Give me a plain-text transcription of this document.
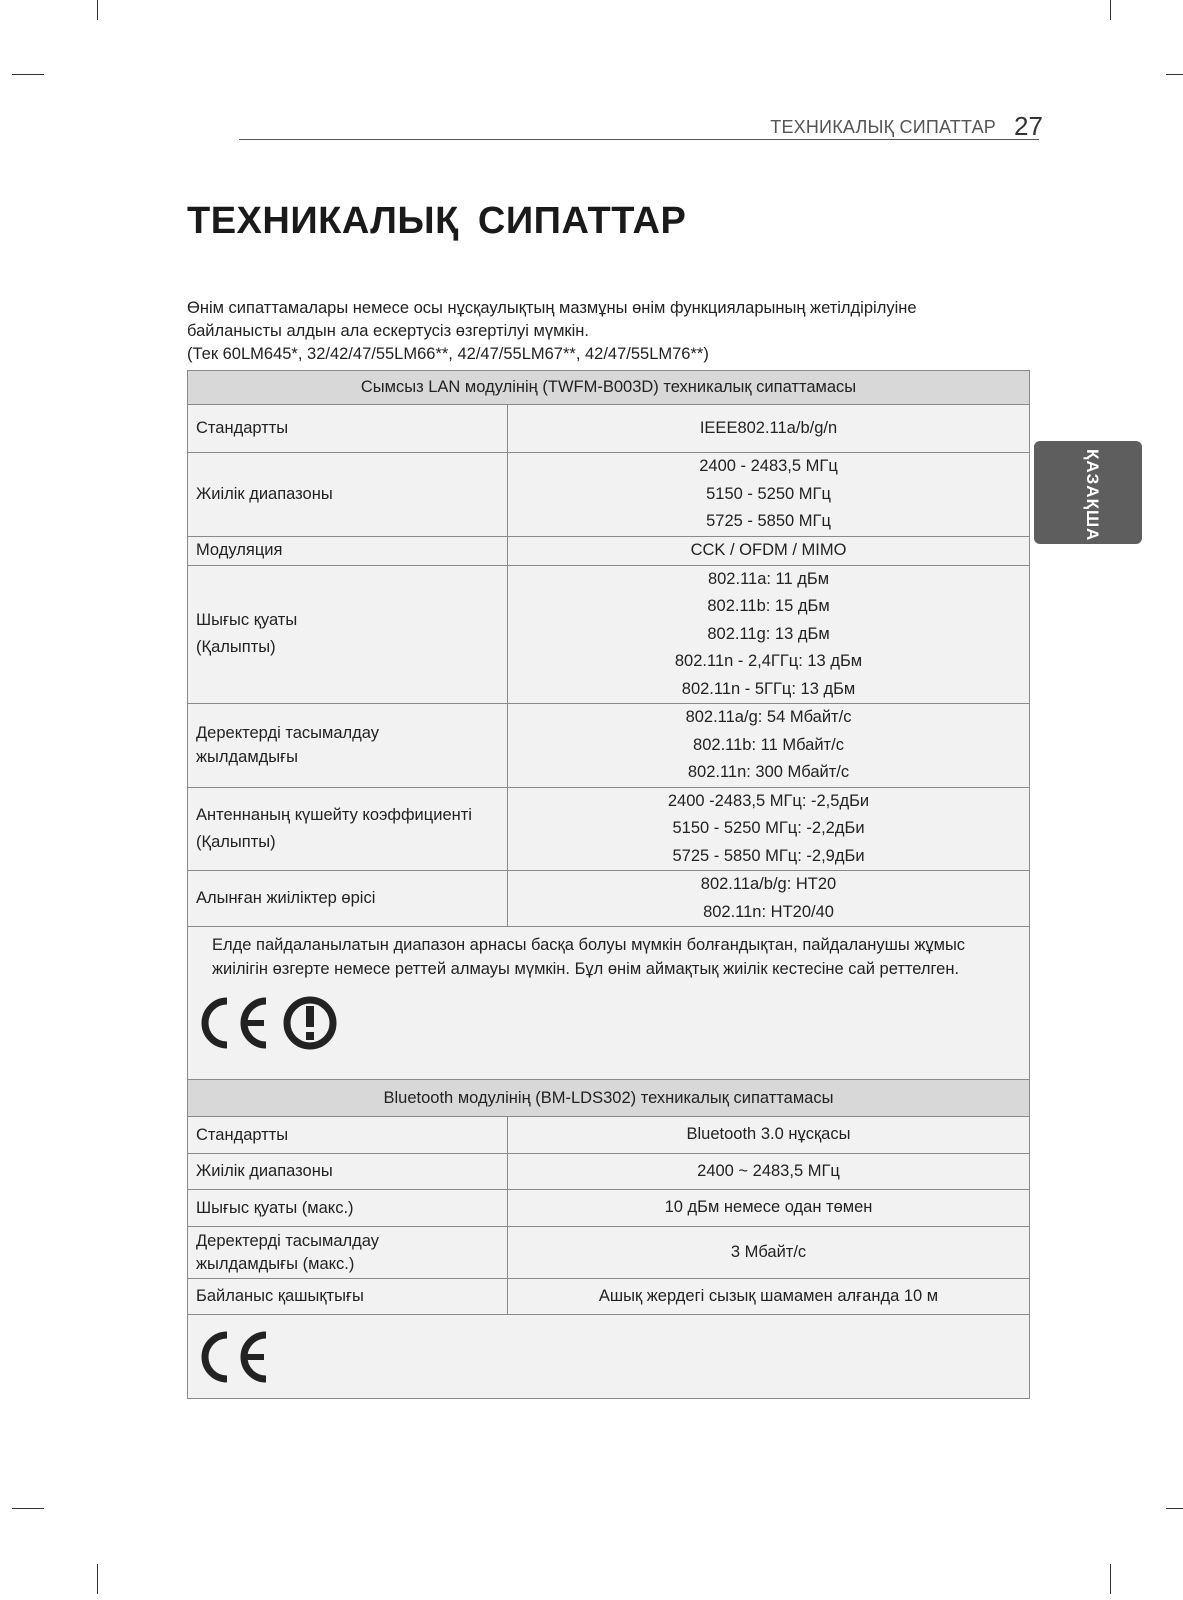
ТЕХНИКАЛЫҚ СИПАТТАР 27
ТЕХНИКАЛЫҚ СИПАТТАР
Өнім сипаттамалары немесе осы нұсқаулықтың мазмұны өнім функцияларының жетілдірілуіне
байланысты алдын ала ескертусіз өзгертілуі мүмкін.
(Тек 60LM645*, 32/42/47/55LM66**, 42/47/55LM67**, 42/47/55LM76**)
ҚАЗАҚША
Сымсыз LAN модулінің (TWFM-B003D) техникалық сипаттамасы	

Стандартты	IEEE802.11a/b/g/n

Жиілік диапазоны	2400 - 2483,5 МГц
5150 - 5250 МГц
5725 - 5850 МГц

Модуляция	CCK / OFDM / MIMO

Шығыс қуаты
(Қалыпты)	802.11a: 11 дБм
802.11b: 15 дБм
802.11g: 13 дБм
802.11n - 2,4ГГц: 13 дБм
802.11n - 5ГГц: 13 дБм

Деректерді тасымалдау
жылдамдығы	802.11a/g: 54 Мбайт/с
802.11b: 11 Мбайт/с
802.11n: 300 Мбайт/с

Антеннаның күшейту коэффициенті
(Қалыпты)	2400 -2483,5 МГц: -2,5дБи
5150 - 5250 МГц: -2,2дБи
5725 - 5850 МГц: -2,9дБи

Алынған жиіліктер өрісі	802.11a/b/g: HT20
802.11n: HT20/40

Елде пайдаланылатын диапазон арнасы басқа болуы мүмкін болғандықтан, пайдаланушы жұмыс жиілігін өзгерте немесе реттей алмауы мүмкін. Бұл өнім аймақтық жиілік кестесіне сай реттелген.	
Bluetooth модулінің (BM-LDS302) техникалық сипаттамасы	

Стандартты	Bluetooth 3.0 нұсқасы

Жиілік диапазоны	2400 ~ 2483,5 МГц

Шығыс қуаты (макс.)	10 дБм немесе одан төмен

Деректерді тасымалдау
жылдамдығы (макс.)	3 Мбайт/с

Байланыс қашықтығы	Ашық жердегі сызық шамамен алғанда 10 м
